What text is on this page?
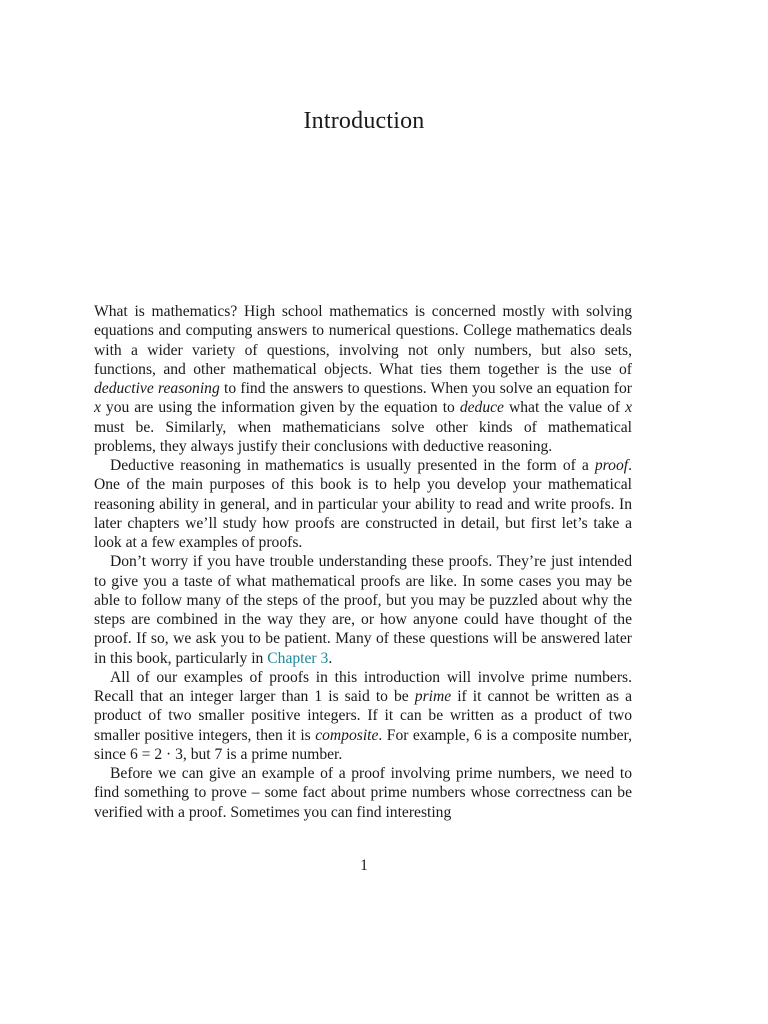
Introduction

What is mathematics? High school mathematics is concerned mostly with solving equations and computing answers to numerical questions. College mathematics deals with a wider variety of questions, involving not only numbers, but also sets, functions, and other mathematical objects. What ties them together is the use of deductive reasoning to find the answers to questions. When you solve an equation for x you are using the information given by the equation to deduce what the value of x must be. Similarly, when mathematicians solve other kinds of mathematical problems, they always justify their conclusions with deductive reasoning.

Deductive reasoning in mathematics is usually presented in the form of a proof. One of the main purposes of this book is to help you develop your mathematical reasoning ability in general, and in particular your ability to read and write proofs. In later chapters we’ll study how proofs are constructed in detail, but first let’s take a look at a few examples of proofs.

Don’t worry if you have trouble understanding these proofs. They’re just intended to give you a taste of what mathematical proofs are like. In some cases you may be able to follow many of the steps of the proof, but you may be puzzled about why the steps are combined in the way they are, or how anyone could have thought of the proof. If so, we ask you to be patient. Many of these questions will be answered later in this book, particularly in Chapter 3.

All of our examples of proofs in this introduction will involve prime numbers. Recall that an integer larger than 1 is said to be prime if it cannot be written as a product of two smaller positive integers. If it can be written as a product of two smaller positive integers, then it is composite. For example, 6 is a composite number, since 6 = 2 · 3, but 7 is a prime number.

Before we can give an example of a proof involving prime numbers, we need to find something to prove – some fact about prime numbers whose correctness can be verified with a proof. Sometimes you can find interesting

1
